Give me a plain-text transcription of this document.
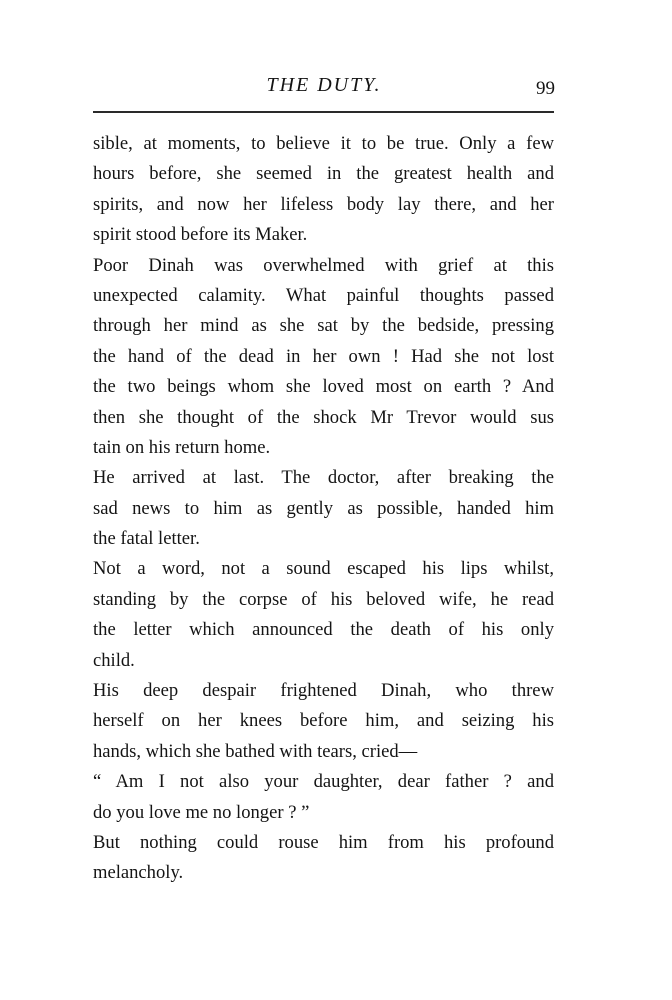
THE DUTY.	99
sible, at moments, to believe it to be true. Only a few
hours before, she seemed in the greatest health and
spirits, and now her lifeless body lay there, and her
spirit stood before its Maker.
Poor Dinah was overwhelmed with grief at this
unexpected calamity. What painful thoughts passed
through her mind as she sat by the bedside, pressing
the hand of the dead in her own ! Had she not lost
the two beings whom she loved most on earth ? And
then she thought of the shock Mr Trevor would sus
tain on his return home.
He arrived at last. The doctor, after breaking the
sad news to him as gently as possible, handed him
the fatal letter.
Not a word, not a sound escaped his lips whilst,
standing by the corpse of his beloved wife, he read
the letter which announced the death of his only
child.
His deep despair frightened Dinah, who threw
herself on her knees before him, and seizing his
hands, which she bathed with tears, cried—
“ Am I not also your daughter, dear father ? and
do you love me no longer ? ”
But nothing could rouse him from his profound
melancholy.
